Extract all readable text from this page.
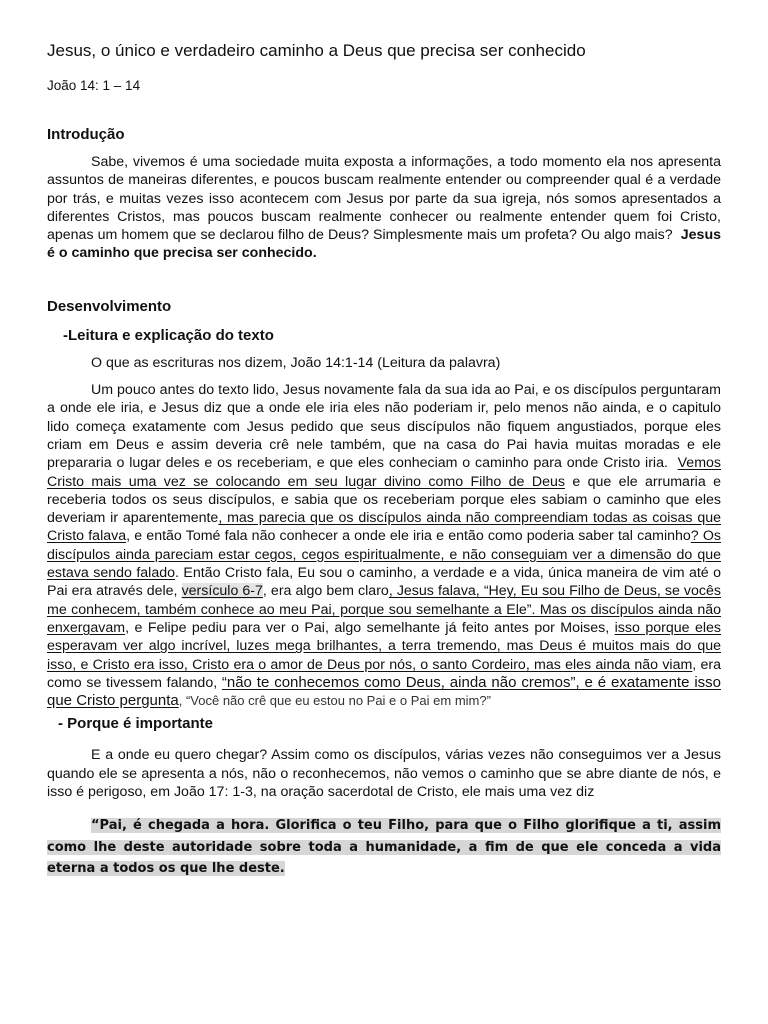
Jesus, o único e verdadeiro caminho a Deus que precisa ser conhecido
João 14: 1 – 14
Introdução

Sabe, vivemos é uma sociedade muita exposta a informações, a todo momento ela nos apresenta assuntos de maneiras diferentes, e poucos buscam realmente entender ou compreender qual é a verdade por trás, e muitas vezes isso acontecem com Jesus por parte da sua igreja, nós somos apresentados a diferentes Cristos, mas poucos buscam realmente conhecer ou realmente entender quem foi Cristo, apenas um homem que se declarou filho de Deus? Simplesmente mais um profeta? Ou algo mais? Jesus é o caminho que precisa ser conhecido.

Desenvolvimento
-Leitura e explicação do texto

O que as escrituras nos dizem, João 14:1-14 (Leitura da palavra)

Um pouco antes do texto lido, Jesus novamente fala da sua ida ao Pai, e os discípulos perguntaram a onde ele iria, e Jesus diz que a onde ele iria eles não poderiam ir, pelo menos não ainda, e o capitulo lido começa exatamente com Jesus pedido que seus discípulos não fiquem angustiados, porque eles criam em Deus e assim deveria crê nele também, que na casa do Pai havia muitas moradas e ele prepararia o lugar deles e os receberiam, e que eles conheciam o caminho para onde Cristo iria. Vemos Cristo mais uma vez se colocando em seu lugar divino como Filho de Deus e que ele arrumaria e receberia todos os seus discípulos, e sabia que os receberiam porque eles sabiam o caminho que eles deveriam ir aparentemente, mas parecia que os discípulos ainda não compreendiam todas as coisas que Cristo falava, e então Tomé fala não conhecer a onde ele iria e então como poderia saber tal caminho? Os discípulos ainda pareciam estar cegos, cegos espiritualmente, e não conseguiam ver a dimensão do que estava sendo falado. Então Cristo fala, Eu sou o caminho, a verdade e a vida, única maneira de vim até o Pai era através dele, versículo 6-7, era algo bem claro, Jesus falava, “Hey, Eu sou Filho de Deus, se vocês me conhecem, também conhece ao meu Pai, porque sou semelhante a Ele”. Mas os discípulos ainda não enxergavam, e Felipe pediu para ver o Pai, algo semelhante já feito antes por Moises, isso porque eles esperavam ver algo incrível, luzes mega brilhantes, a terra tremendo, mas Deus é muitos mais do que isso, e Cristo era isso, Cristo era o amor de Deus por nós, o santo Cordeiro, mas eles ainda não viam, era como se tivessem falando, “não te conhecemos como Deus, ainda não cremos”, e é exatamente isso que Cristo pergunta, “Você não crê que eu estou no Pai e o Pai em mim?”

- Porque é importante

E a onde eu quero chegar? Assim como os discípulos, várias vezes não conseguimos ver a Jesus quando ele se apresenta a nós, não o reconhecemos, não vemos o caminho que se abre diante de nós, e isso é perigoso, em João 17: 1-3, na oração sacerdotal de Cristo, ele mais uma vez diz

“Pai, é chegada a hora. Glorifica o teu Filho, para que o Filho glorifique a ti, assim como lhe deste autoridade sobre toda a humanidade, a fim de que ele conceda a vida eterna a todos os que lhe deste.
